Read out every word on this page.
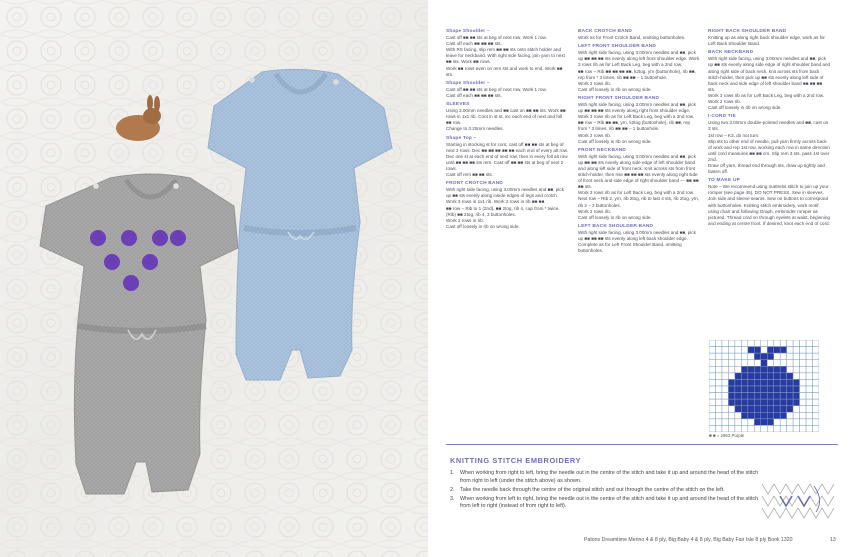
Shape Shoulder –

Cast off ■■ ■■ sts at beg of next row. Work 1 row.

Cast off each ■■ ■■ ■■ sts.

With RS facing, slip rem ■■ ■■ sts onto stitch holder and leave for neckband. With right side facing, join yarn to next ■■ sts. Work ■■ rows.

Work ■■ rows even on rem sts and work to end. Work ■■ sts.

Shape Shoulder –

Cast off ■■ ■■ sts at beg of next row. Work 1 row.

Cast off each ■■ ■■ ■■ sts.

SLEEVES

Using 3.00mm needles and ■■ cast on ■■ ■■ sts. Work ■■ rows in 1x1 rib. Cont in st st, inc each end of next and foll ■■ row.

Change to 3.25mm needles.

Shape Top –

Starting in stocking st for cont, cast off ■■ ■■ sts at beg of next 2 rows. Dec ■■ ■■ ■■ ■■ ■■ each end of every alt row.

Dec one st at each end of next row, then in every foll alt row until ■■ ■■ ■■ sts rem. Cast off ■■ ■■ sts at beg of next 2 rows.

Cast off rem ■■ ■■ sts.

FRONT CROTCH BAND

With right side facing, using 3.00mm needles and ■■, pick up ■■ sts evenly along inside edges of legs and crotch. Work 3 rows in 1x1 rib. Work 2 rows in rib ■■ ■■.

■■ row – Rib to 1 (2nd), ■■ 2tog, rib 4, cap from * twice. (Rib) ■■ 2tog, rib 4, 3 buttonholes.

Work 2 rows in rib.

Cast off loosely in rib on wrong side.

BACK CROTCH BAND

Work as for Front Crotch Band, omitting buttonholes.

LEFT FRONT SHOULDER BAND

With right side facing, using 3.00mm needles and ■■, pick up ■■ ■■ ■■ sts evenly along left front shoulder edge. Work 3 rows rib as for Left Back Leg, beg with a 2nd row.

■■ row – Rib ■■ ■■ ■■ ■■, k2tog, yrn (buttonhole), rib ■■, rep from * 3 times, rib ■■ ■■ – 1 buttonhole.

Work 2 rows rib.

Cast off loosely in rib on wrong side.

RIGHT FRONT SHOULDER BAND

With right side facing, using 3.00mm needles and ■■, pick up ■■ ■■ ■■ sts evenly along right front shoulder edge. Work 3 rows rib as for Left Back Leg, beg with a 2nd row.

■■ row – Rib ■■ ■■, yrn, k2tog (buttonhole), rib ■■, rep from * 3 times, rib ■■ ■■ – 1 buttonhole.

Work 2 rows rib.

Cast off loosely in rib on wrong side.

FRONT NECKBAND

With right side facing, using 3.00mm needles and ■■, pick up ■■ ■■ sts evenly along side edge of left shoulder band and along left side of front neck. Knit across sts from front stitch-holder, then rise ■■ ■■ ■■ sts evenly along right side of front neck and side edge of right shoulder band — ■■ ■■ ■■ sts.

Work 3 rows rib as for Left Back Leg, beg with a 2nd row.

Next row – Rib 2, yrn, rib 2tog, rib to last 4 sts, rib 2tog, yrn, rib 2 – 2 buttonholes.

Work 2 rows rib.

Cast off loosely in rib on wrong side.

LEFT BACK SHOULDER BAND

With right side facing, using 3.00mm needles and ■■, pick up ■■ ■■ ■■ sts evenly along left back shoulder edge. Complete as for Left Front Shoulder Band, omitting buttonholes.

RIGHT BACK SHOULDER BAND

Knitting up as along right back shoulder edge, work as for Left Back Shoulder Band.

BACK NECKBAND

With right side facing, using 3.00mm needles and ■■, pick up ■■ sts evenly along side edge of right shoulder band and along right side of back neck, knit across sts from back stitch-holder, then pick up ■■ sts evenly along left side of back neck and side edge of left shoulder band ■■ ■■ ■■ sts.

Work 3 rows rib as for Left Back Leg, beg with a 2nd row.

Work 2 rows rib.

Cast off loosely in rib on wrong side.

I-CORD TIE

Using two 3.00mm double-pointed needles and ■■, cast on 3 sts.

1st row – K3, do not turn.

Slip sts to other end of needle, pull yarn firmly across back of work and rep 1st row, working each row in same direction until cord measures ■■ ■■ cm. Slip rem 3 sts, pass 1st over 2nd.

Draw off yarn, thread end through sts, draw up tightly and fasten off.

TO MAKE UP

Note – We recommend using mattress stitch to join up your romper (see page 45). DO NOT PRESS. Sew in sleeves. Join side and sleeve seams. Sew on buttons to correspond with buttonholes. Knitting stitch embroidery, work motif using chart and following Graph, embroider romper as pictured. Thread cord on through eyelets at waist, beginning and ending at centre front. If desired, knot each end of cord.

■ ■ = 2963 Purple
KNITTING STITCH EMBROIDERY
1. When working from right to left, bring the needle out in the centre of the stitch and take it up and around the head of the stitch from right to left (under the stitch above) as shown.
2. Take the needle back through the centre of the original stitch and out through the centre of the stitch on the left.
3. When working from left to right, bring the needle out in the centre of the stitch and take it up and around the head of the stitch from left to right (instead of from right to left).
Patons Dreamtime Merino 4 & 8 ply, Big Baby 4 & 8 ply, Big Baby Fair Isle 8 ply Book 1320	13
